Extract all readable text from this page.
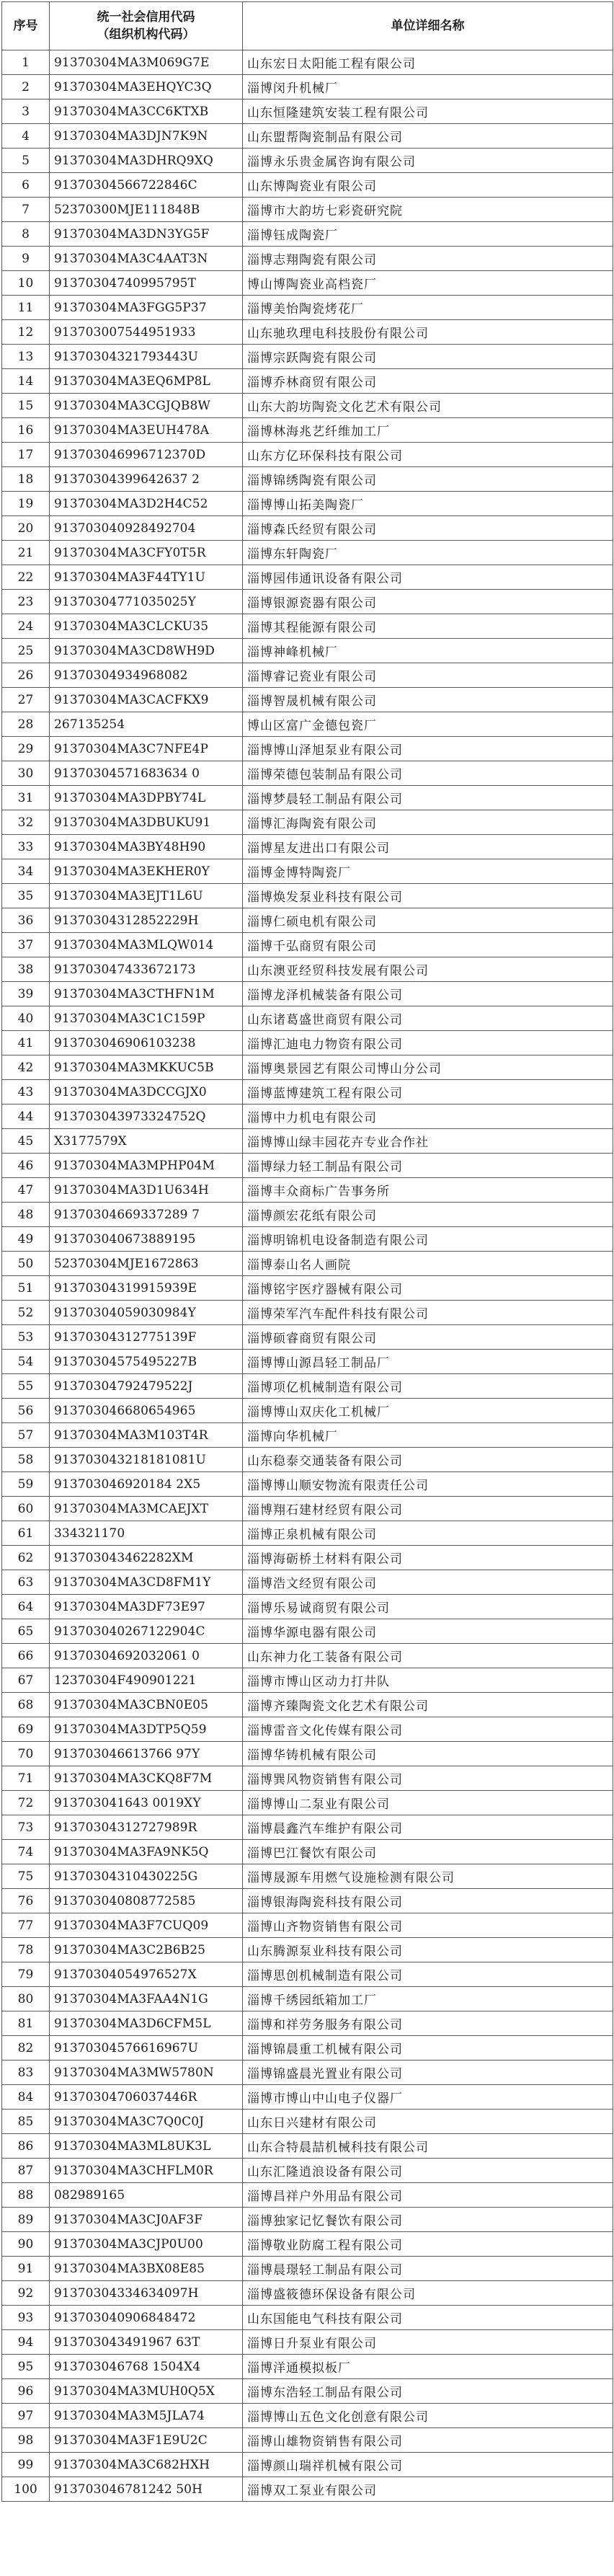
序号	统一社会信用代码
（组织机构代码）	单位详细名称
1	91370304MA3M069G7E	山东宏日太阳能工程有限公司
2	91370304MA3EHQYC3Q	淄博闵升机械厂
3	91370304MA3CC6KTXB	山东恒隆建筑安装工程有限公司
4	91370304MA3DJN7K9N	山东盟帮陶瓷制品有限公司
5	91370304MA3DHRQ9XQ	淄博永乐贵金属咨询有限公司
6	91370304566722846C	山东博陶瓷业有限公司
7	52370300MJE111848B	淄博市大韵坊七彩瓷研究院
8	91370304MA3DN3YG5F	淄博钰成陶瓷厂
9	91370304MA3C4AAT3N	淄博志翔陶瓷有限公司
10	91370304740995795T	博山博陶瓷业高档瓷厂
11	91370304MA3FGG5P37	淄博美怡陶瓷烤花厂
12	913703007544951933	山东驰玖理电科技股份有限公司
13	91370304321793443U	淄博宗跃陶瓷有限公司
14	91370304MA3EQ6MP8L	淄博乔林商贸有限公司
15	91370304MA3CGJQB8W	山东大韵坊陶瓷文化艺术有限公司
16	91370304MA3EUH478A	淄博林海兆艺纤维加工厂
17	913703046996712370D	山东方亿环保科技有限公司
18	91370304399642637 2	淄博锦绣陶瓷有限公司
19	91370304MA3D2H4C52	淄博博山拓美陶瓷厂
20	913703040928492704	淄博森氏经贸有限公司
21	91370304MA3CFY0T5R	淄博东轩陶瓷厂
22	91370304MA3F44TY1U	淄博园伟通讯设备有限公司
23	91370304771035025Y	淄博银源瓷器有限公司
24	91370304MA3CLCKU35	淄博其程能源有限公司
25	91370304MA3CD8WH9D	淄博神峰机械厂
26	91370304934968082	淄博睿记瓷业有限公司
27	91370304MA3CACFKX9	淄博智晟机械有限公司
28	267135254	博山区富广金德包瓷厂
29	91370304MA3C7NFE4P	淄博博山泽旭泵业有限公司
30	91370304571683634 0	淄博荣德包装制品有限公司
31	91370304MA3DPBY74L	淄博梦晨轻工制品有限公司
32	91370304MA3DBUKU91	淄博汇海陶瓷有限公司
33	91370304MA3BY48H90	淄博星友进出口有限公司
34	91370304MA3EKHER0Y	淄博金博特陶瓷厂
35	91370304MA3EJT1L6U	淄博焕发泵业科技有限公司
36	91370304312852229H	淄博仁硕电机有限公司
37	91370304MA3MLQW014	淄博千弘商贸有限公司
38	913703047433672173	山东澳亚经贸科技发展有限公司
39	91370304MA3CTHFN1M	淄博龙泽机械装备有限公司
40	91370304MA3C1C159P	山东诸葛盛世商贸有限公司
41	913703046906103238	淄博汇迪电力物资有限公司
42	91370304MA3MKKUC5B	淄博奥景园艺有限公司博山分公司
43	91370304MA3DCCGJX0	淄博蓝博建筑工程有限公司
44	913703043973324752Q	淄博中力机电有限公司
45	X3177579X	淄博博山绿丰园花卉专业合作社
46	91370304MA3MPHP04M	淄博绿力轻工制品有限公司
47	91370304MA3D1U634H	淄博丰众商标广告事务所
48	91370304669337289 7	淄博颜宏花纸有限公司
49	913703040673889195	淄博明锦机电设备制造有限公司
50	52370304MJE1672863	淄博泰山名人画院
51	91370304319915939E	淄博铭宇医疗器械有限公司
52	91370304059030984Y	淄博荣军汽车配件科技有限公司
53	91370304312775139F	淄博硕睿商贸有限公司
54	91370304575495227B	淄博博山源昌轻工制品厂
55	91370304792479522J	淄博项亿机械制造有限公司
56	913703046680654965	淄博博山双庆化工机械厂
57	91370304MA3M103T4R	淄博向华机械厂
58	913703043218181081U	山东稳泰交通装备有限公司
59	913703046920184 2X5	淄博博山顺安物流有限责任公司
60	91370304MA3MCAEJXT	淄博翔石建材经贸有限公司
61	334321170	淄博正泉机械有限公司
62	913703043462282XM	淄博海砺桥土材料有限公司
63	91370304MA3CD8FM1Y	淄博浩文经贸有限公司
64	91370304MA3DF73E97	淄博乐易诚商贸有限公司
65	913703040267122904C	淄博华源电器有限公司
66	91370304692032061 0	山东神力化工装备有限公司
67	12370304F490901221	淄博市博山区动力打井队
68	91370304MA3CBN0E05	淄博齐臻陶瓷文化艺术有限公司
69	91370304MA3DTP5Q59	淄博雷音文化传媒有限公司
70	913703046613766 97Y	淄博华铸机械有限公司
71	91370304MA3CKQ8F7M	淄博巽风物资销售有限公司
72	913703041643 0019XY	淄博博山二泵业有限公司
73	91370304312727989R	淄博晨鑫汽车维护有限公司
74	91370304MA3FA9NK5Q	淄博巴江餐饮有限公司
75	91370304310430225G	淄博晟源车用燃气设施检测有限公司
76	913703040808772585	淄博银海陶瓷科技有限公司
77	91370304MA3F7CUQ09	淄博山齐物资销售有限公司
78	91370304MA3C2B6B25	山东腾源泵业科技有限公司
79	91370304054976527X	淄博思创机械制造有限公司
80	91370304MA3FAA4N1G	淄博千绣园纸箱加工厂
81	91370304MA3D6CFM5L	淄博和祥劳务服务有限公司
82	91370304576616967U	淄博锦晨重工机械有限公司
83	91370304MA3MW5780N	淄博锦盛晨光置业有限公司
84	91370304706037446R	淄博市博山中山电子仪器厂
85	91370304MA3C7Q0C0J	山东日兴建材有限公司
86	91370304MA3ML8UK3L	山东合特晨喆机械科技有限公司
87	91370304MA3CHFLM0R	山东汇隆逍浪设备有限公司
88	082989165	淄博昌祥户外用品有限公司
89	91370304MA3CJ0AF3F	淄博独家记忆餐饮有限公司
90	91370304MA3CJP0U00	淄博敬业防腐工程有限公司
91	91370304MA3BX08E85	淄博晨璟轻工制品有限公司
92	91370304334634097H	淄博盛筱德环保设备有限公司
93	913703040906848472	山东国能电气科技有限公司
94	913703043491967 63T	淄博日升泵业有限公司
95	913703046768 1504X4	淄博洋通模拟板厂
96	91370304MA3MUH0Q5X	淄博东浩轻工制品有限公司
97	91370304MA3M5JLA74	淄博博山五色文化创意有限公司
98	91370304MA3F1E9U2C	淄博山雄物资销售有限公司
99	91370304MA3C682HXH	淄博颜山瑞祥机械有限公司
100	913703046781242 50H	淄博双工泵业有限公司
